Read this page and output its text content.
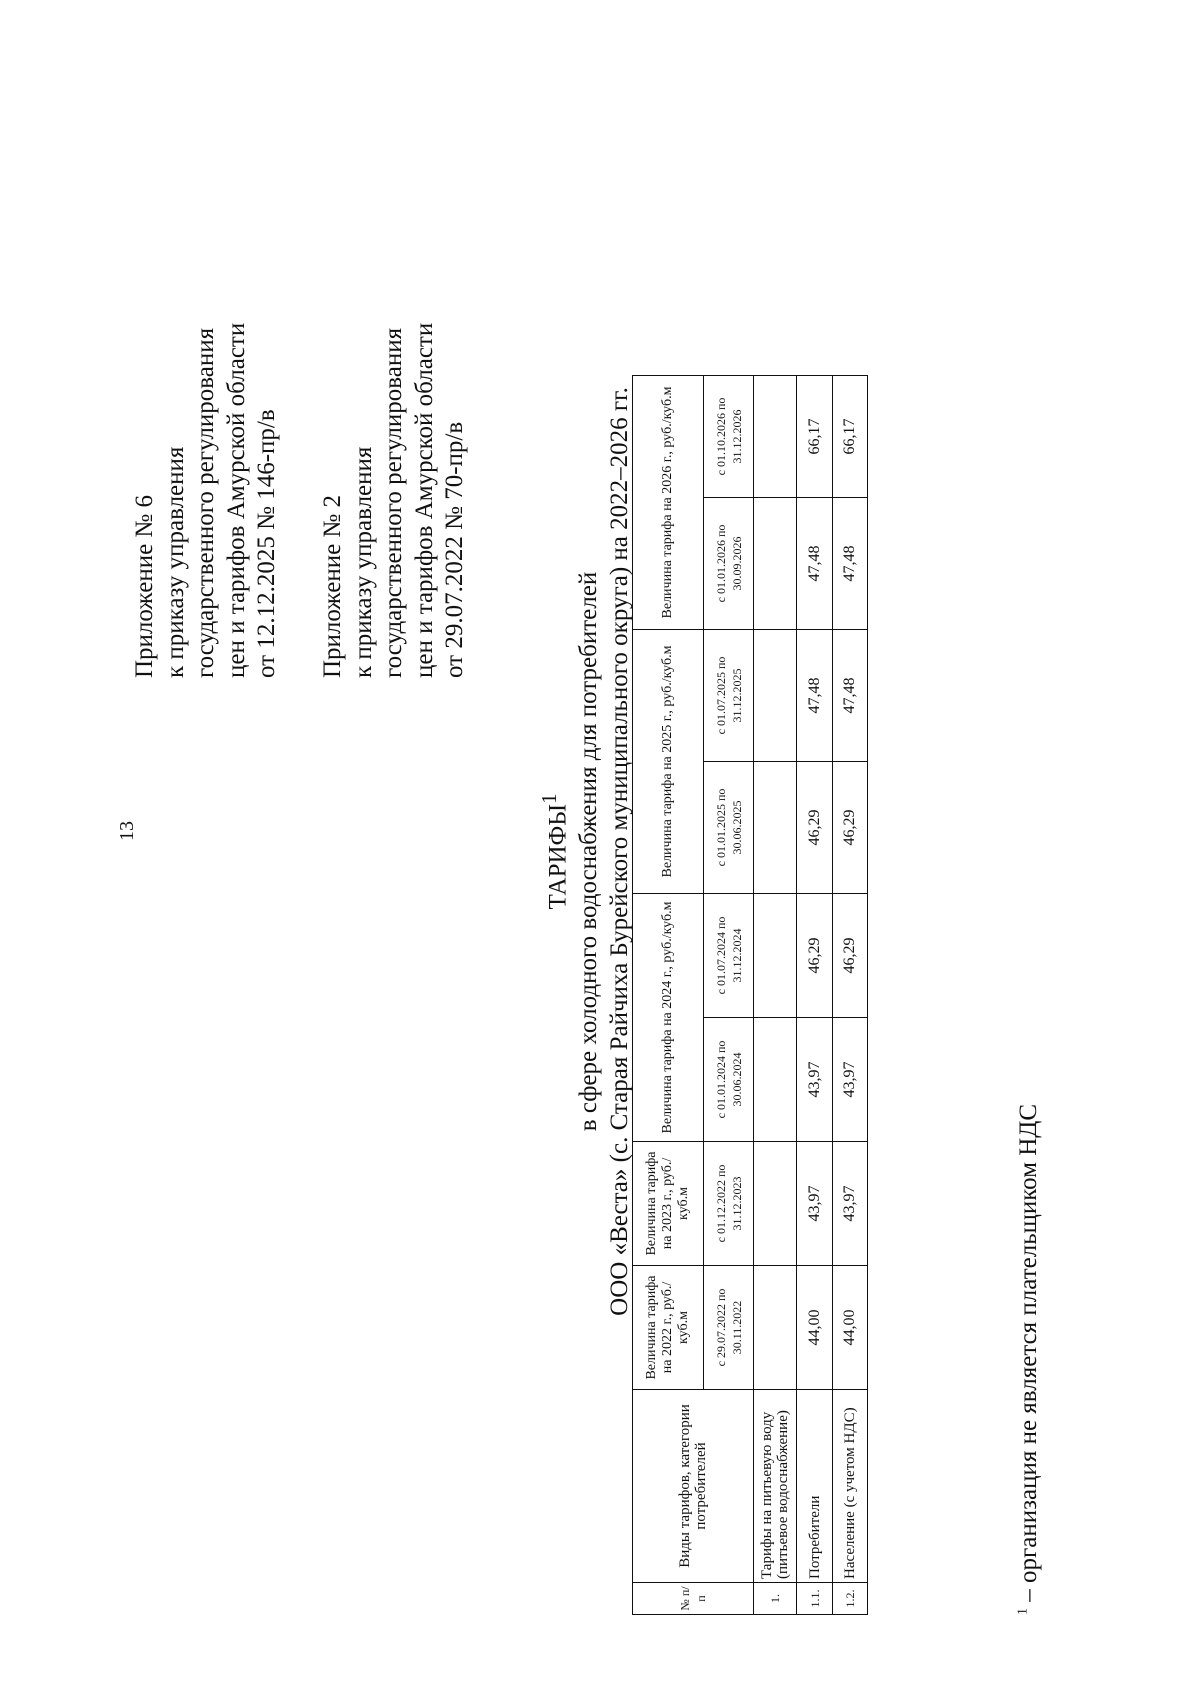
13
Приложение № 6 к приказу управления государственного регулирования цен и тарифов Амурской области от 12.12.2025 № 146-пр/в Приложение № 2 к приказу управления государственного регулирования цен и тарифов Амурской области от 29.07.2022 № 70-пр/в
ТАРИФЫ$^1$ в сфере холодного водоснабжения для потребителей ООО «Веста» (с. Старая Райчиха Бурейского муниципального округа) на 2022–2026 гг.
№ п/п	Виды тарифов, категории потребителей	Величина тарифа на 2022 г., руб./куб.м	Величина тарифа на 2023 г., руб./куб.м	Величина тарифа на 2024 г., руб./куб.м		Величина тарифа на 2025 г., руб./куб.м		Величина тарифа на 2026 г., руб./куб.м	
		с 29.07.2022 по 30.11.2022	с 01.12.2022 по 31.12.2023	с 01.01.2024 по 30.06.2024	с 01.07.2024 по 31.12.2024	с 01.01.2025 по 30.06.2025	с 01.07.2025 по 31.12.2025	с 01.01.2026 по 30.09.2026	с 01.10.2026 по 31.12.2026
1.	Тарифы на питьевую воду (питьевое водоснабжение)								
1.1.	Потребители	44,00	43,97	43,97	46,29	46,29	47,48	47,48	66,17
1.2.	Население (с учетом НДС)	44,00	43,97	43,97	46,29	46,29	47,48	47,48	66,17
$^1$ – организация не является плательщиком НДС
